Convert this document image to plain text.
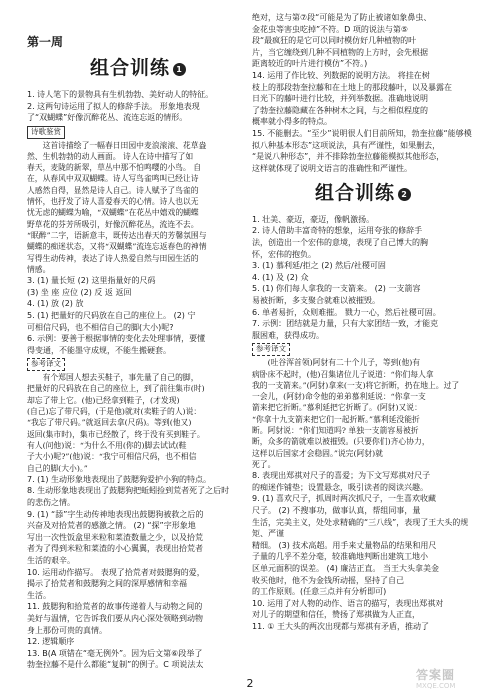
第一周
组合训练 1
1. 诗人笔下的景物具有生机勃勃、美好动人的特征。
2. 这两句诗运用了拟人的修辞手法。 形象地表现
了“双蝴蝶”好像沉醉花丛、流连忘返的情形。
诗歌鉴赏
这首诗描绘了一幅春日田园中麦浪滚滚、花草盎
然、生机勃勃的动人画面。 诗人在诗中描写了如
春天，麦陇的新翠，草丛中那不怕鸣嘤的小鸟。 自
在，从春风中双双蝴蝶。诗人写鸟雀鸣叫已经让诗
人感然自得，显然是诗人自己。诗人赋予了鸟雀的
情怀，也抒发了诗人喜爱春天的心情。诗人也以无
忧无虑的蝴蝶为喻，“双蝴蝶”在花丛中嬉戏的蝴蝶
野草花的芬芳所吸引，好像沉醉花丛，流连不去。
“眠醉”二字，语新意丰，既传达出春天的芳馨氛围与
蝴蝶的痴迷状态，又将“双蝴蝶”流连忘返春色的神情
写得生动传神，表达了诗人热爱自然与田园生活的
情感。
3. (1) 量长短 (2) 这里指量好的尺码
(3) 坐 座 应位 (2) 反 返 返回
4. (1) 放 (2) 放
5. (1) 把量好的尺码放在自己的座位上。 (2) 宁
可相信尺码，也不相信自己的脚(大小)呢?
6. 示例：要善于根据事情的变化去处理事情，要懂
得变通，不能墨守成规，不能生搬硬套。
参考译文
有个郑国人想去买鞋子，事先量了自己的脚，
把量好的尺码放在自己的座位上，到了前往集市(时)
却忘了带上它。(他)已经拿到鞋子，(才发现)
(自己)忘了带尺码，(于是他)就对(卖鞋子的人)说：
“我忘了带尺码。”就返回去拿(尺码)。等到(他又)
返回(集市时)，集市已经散了，终于没有买到鞋子。
有人(问他)说：“为什么不用(你的)脚去试试(鞋
子大小)呢?”(他)说：“我宁可相信尺码，也不相信
自己的脚(大小)。”
7. (1) 生动形象地表现出了鼓腮狗爱护小狗的特点。
8. 生动形象地表现出了鼓腮狗把蚯蚓捡到荒者死了之后时
的悲伤之情。
9. (1) “舔”字生动传神地表现出鼓腮狗被救之后的
兴奋及对拾荒者的感激之情。 (2) “探”字形象地
写出一次性饭盒里米粒和菜渣数量之少，以及拾荒
者为了得到米粒和菜渣的小心翼翼，表现出拾荒者
生活的艰辛。
10. 运用动作描写。 表现了拾荒者对鼓腮狗的爱，
揭示了拾荒者和鼓腮狗之间的深厚感情和幸福
生活。
11. 鼓腮狗和拾荒者的故事传递着人与动物之间的
美好与温情，它告诉我们要从内心深处领略到动物
身上那份可贵的真情。
12. 逻辑顺序
13. B(A 项错在“毫无例外”。因为后文第⑥段举了
勃奎拉藤不是什么都能“复制”的例子。C 项说法太
绝对，这与第⑦段“可能是为了防止被诸如象鼻虫、
金花虫等害虫吃掉”不符。D 项的说法与第⑤
段“最疯狂的是它可以同时模仿好几种植物的叶
片，当它缠绕到几种不同植物的上方时，会先根据
距离较近的叶片进行模仿”不符。)
14. 运用了作比较、列数据的说明方法。 将挂在树
枝上的那段勃奎拉藤和在土地上的那段藤叶，以及暴露在
日光下的藤叶进行比较，并列举数据。准确地说明
了勃奎拉藤隐藏在各种树木之间，与之相似程度的
概率就小得多的特点。
15. 不能删去。“至少”说明很人们目前所知，勃奎拉藤“能够模
拟八种基本形态”这项说法，具有严谨性，如果删去，
“是说八种形态”，并不排除勃奎拉藤能模拟其他形态，
这样就体现了说明文语言的准确性和严谨性。
组合训练 2
1. 壮美、豪迈，豪迈，像帆激扬。
2. 诗人借助丰富奇特的想象，运用夸张的修辞手
法，创造出一个宏伟的意境，表现了自己博大的胸
怀，宏伟的抱负。
3. (1) 慕利延/拒之 (2) 然后/社稷可固
4. (1) 及 (2) 众
5. (1) 你们每人拿我的一支箭来。 (2) 一支箭容
易被折断，多支聚合就难以被摧毁。
6. 单者易折，众则难摧。 戮力一心，然后社稷可固。
7. 示例：团结就是力量，只有大家团结一致，才能克
服困难，获得成功。
参考译文
(吐谷浑首领)阿豺有二十个儿子，等到(他)有
病卧床不起时，(他)召集诸位儿子说道：“你们每人拿
我的一支箭来。”(阿豺)拿来(一支)将它折断，扔在地上。过了
一会儿，(阿豺)命令他的弟弟慕利延说：“你拿一支
箭来把它折断。”慕利延把它折断了。(阿豺)又说：
“你拿十九支箭来把它们一起折断。”慕利延没能折
断。阿豺说：“你们知道吗? 单独一支箭容易被折
断，众多的箭就难以被摧毁。(只要你们)齐心协力，
这样以后国家才会稳固。”说完(阿豺)就
死了。
8. 表现出郑祺对尺子的喜爱；为下文写郑祺对尺子
的痴迷作铺垫；设置悬念，吸引读者的阅读兴趣。
9. (1) 喜欢尺子，抓周时两次抓尺子，一生喜欢收藏
尺子。 (2) 不搜事功，做事认真，帮组同事，量
生活，完美主义，处处求精确的“三八线”，表现了王大头的规矩、严谨
精细。 (3) 技术高超。用手来丈量物品的结果和用尺
子量的几乎不差分毫，较准确地判断出建筑工地小
区单元面积的误差。 (4) 廉洁正直。 当王大头拿美金
收买他时，他不为金钱所动摇，坚持了自己
的工作原则。(任意三点并有分析即可)
10. 运用了对人物的动作、语言的描写，表现出郑祺对
对儿子的期望和信任，赞扬了郑祺做为人正直，
11. ① 王大头的两次出现都与郑祺有矛盾，推动了
2
答案圈
MXQE.COM
